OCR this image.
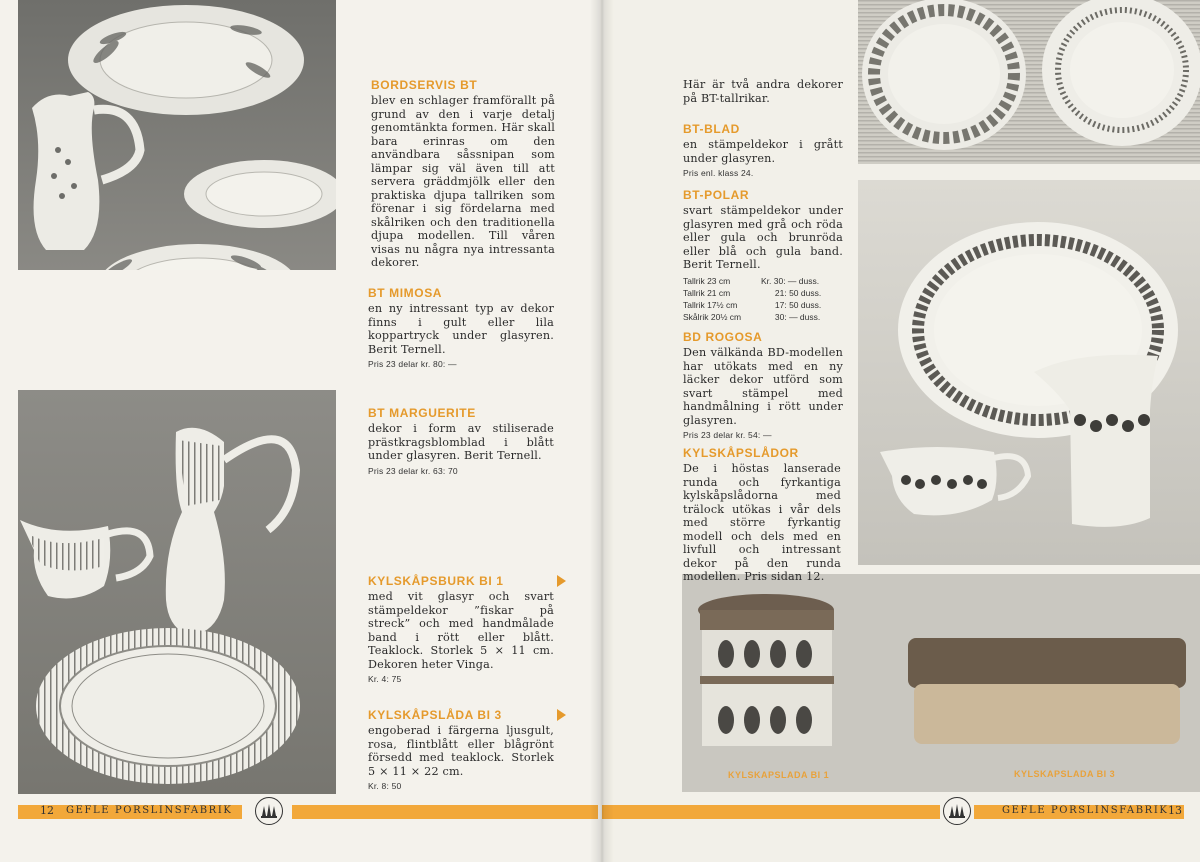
BORDSERVIS BT

blev en schlager framförallt på grund av den i varje detalj genomtänkta formen. Här skall bara erinras om den användbara såssnipan som lämpar sig väl även till att servera gräddmjölk eller den praktiska djupa tallriken som förenar i sig fördelarna med skålriken och den traditionella djupa modellen. Till våren visas nu några nya intressanta dekorer.

BT MIMOSA

en ny intressant typ av dekor finns i gult eller lila koppartryck under glasyren. Berit Ternell.

Pris 23 delar kr. 80: —
BT MARGUERITE

dekor i form av stiliserade prästkragsblomblad i blått under glasyren. Berit Ternell.

Pris 23 delar kr. 63: 70
KYLSKÅPSBURK BI 1

med vit glasyr och svart stämpeldekor ”fiskar på streck” och med handmålade band i rött eller blått. Teaklock. Storlek 5 × 11 cm. Dekoren heter Vinga.

Kr. 4: 75
KYLSKÅPSLÅDA BI 3

engoberad i färgerna ljusgult, rosa, flintblått eller blågrönt försedd med teaklock. Storlek 5 × 11 × 22 cm.

Kr. 8: 50
12 GEFLE PORSLINSFABRIK
KYLSKAPSLADA BI 1	KYLSKAPSLADA BI 3

Här är två andra dekorer på BT-tallrikar.

BT-BLAD

en stämpeldekor i grått under glasyren.

Pris enl. klass 24.
BT-POLAR

svart stämpeldekor under glasyren med grå och röda eller gula och brunröda eller blå och gula band. Berit Ternell.

Tallrik 23 cm	Kr. 30: — duss.
Tallrik 21 cm	21: 50 duss.
Tallrik 17½ cm	17: 50 duss.
Skålrik 20½ cm	30: — duss.
BD ROGOSA

Den välkända BD-modellen har utökats med en ny läcker dekor utförd som svart stämpel med handmålning i rött under glasyren.

Pris 23 delar kr. 54: —
KYLSKÅPSLÅDOR

De i höstas lanserade runda och fyrkantiga kylskåpslådorna med trälock utökas i vår dels med större fyrkantig modell och dels med en livfull och intressant dekor på den runda modellen. Pris sidan 12.

GEFLE PORSLINSFABRIK 13
